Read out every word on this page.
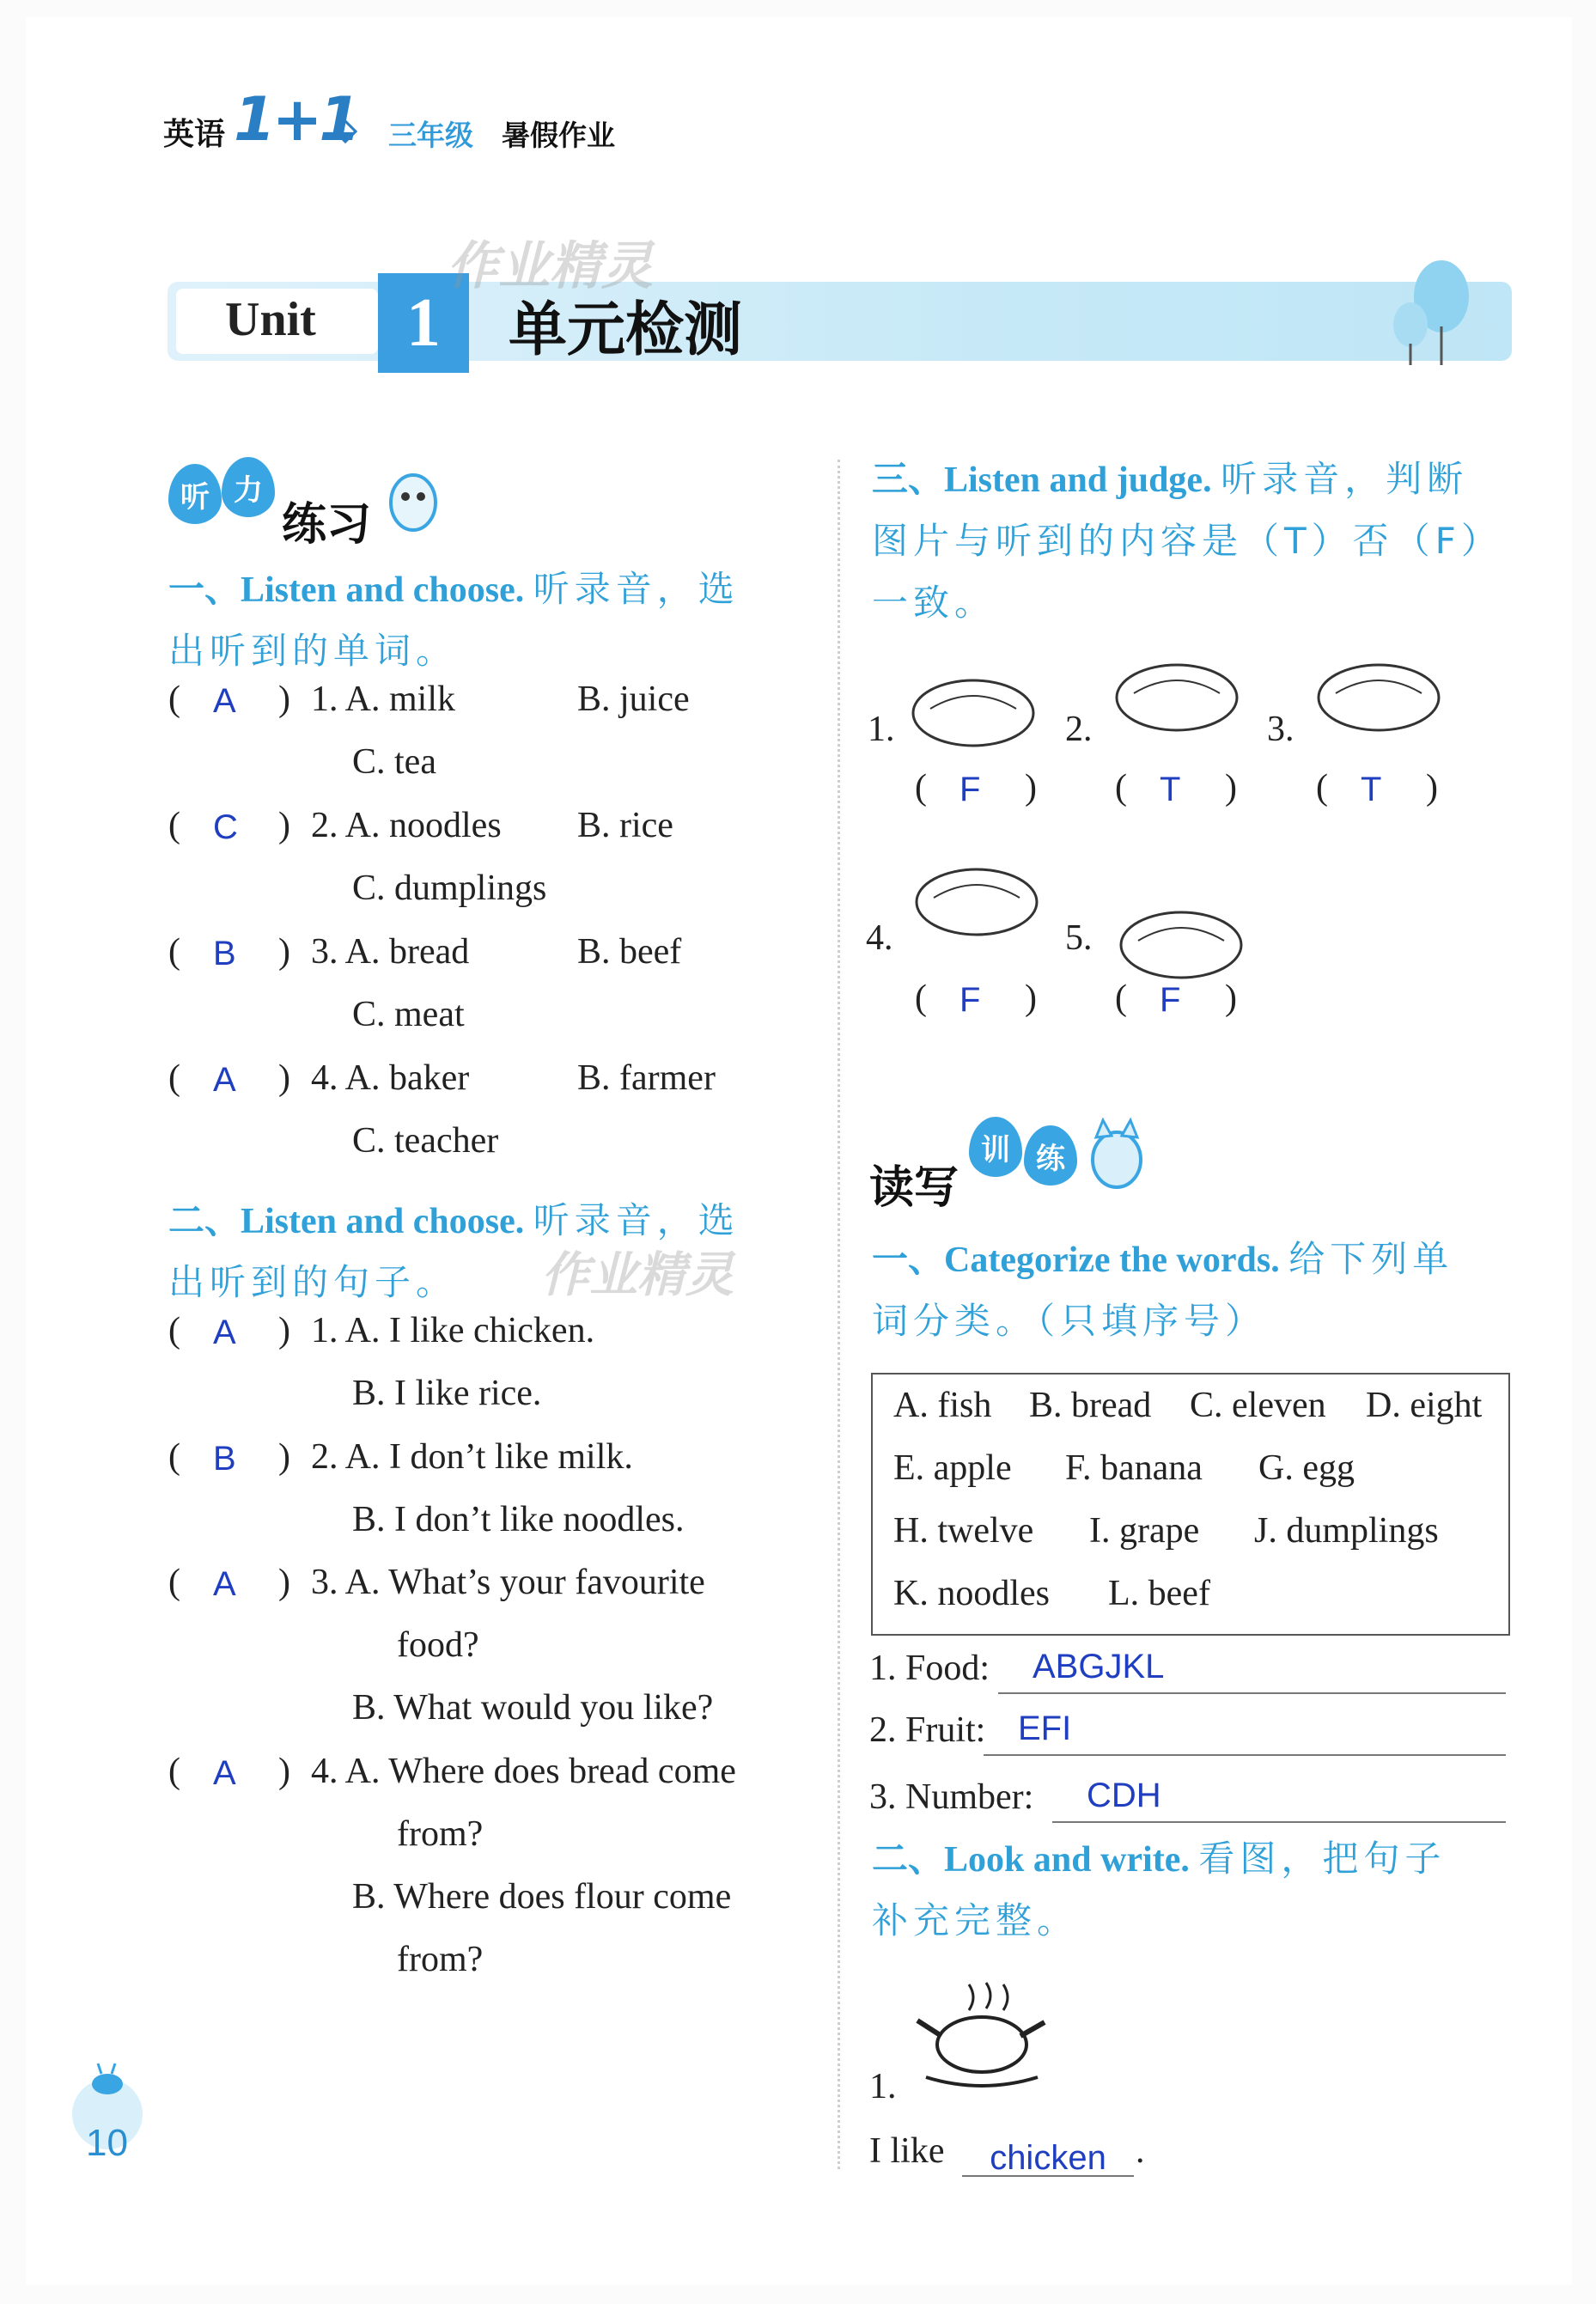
英语 1+1 三年级 暑假作业
Unit	1	单元检测
作业精灵
听 力
练习
一、Listen and choose. 听录音，选
出听到的单词。
( A ) 1. A. milk	B. juice
C. tea
( C ) 2. A. noodles B. rice
C. dumplings
( B ) 3. A. bread	B. beef
C. meat
( A ) 4. A. baker	B. farmer
C. teacher
( A ) 1. A. I like chicken.
B. I like rice.
( B ) 2. A. I don’t like milk.
B. I don’t like noodles.
( A ) 3. A. What’s your favourite
food?
B. What would you like?
( A ) 4. A. Where does bread come
from?
B. Where does flour come
from?
二、Listen and choose. 听录音，选
出听到的句子。 作业精灵
三、Listen and judge. 听录音，判断
图片与听到的内容是（T）否（F）
一致。
1.
( F )
2.
( T )
3.
( T )
4.
( F )
5.
( F )
读写
训 练
一、Categorize the words. 给下列单
词分类。（只填序号）
A. fish B. bread C. eleven D. eight
E. apple F. banana G. egg
H. twelve I. grape J. dumplings
K. noodles L. beef
1. Food: ABGJKL
2. Fruit: EFI
3. Number: CDH
二、Look and write. 看图，把句子
补充完整。
1.
I like	chicken .
10
